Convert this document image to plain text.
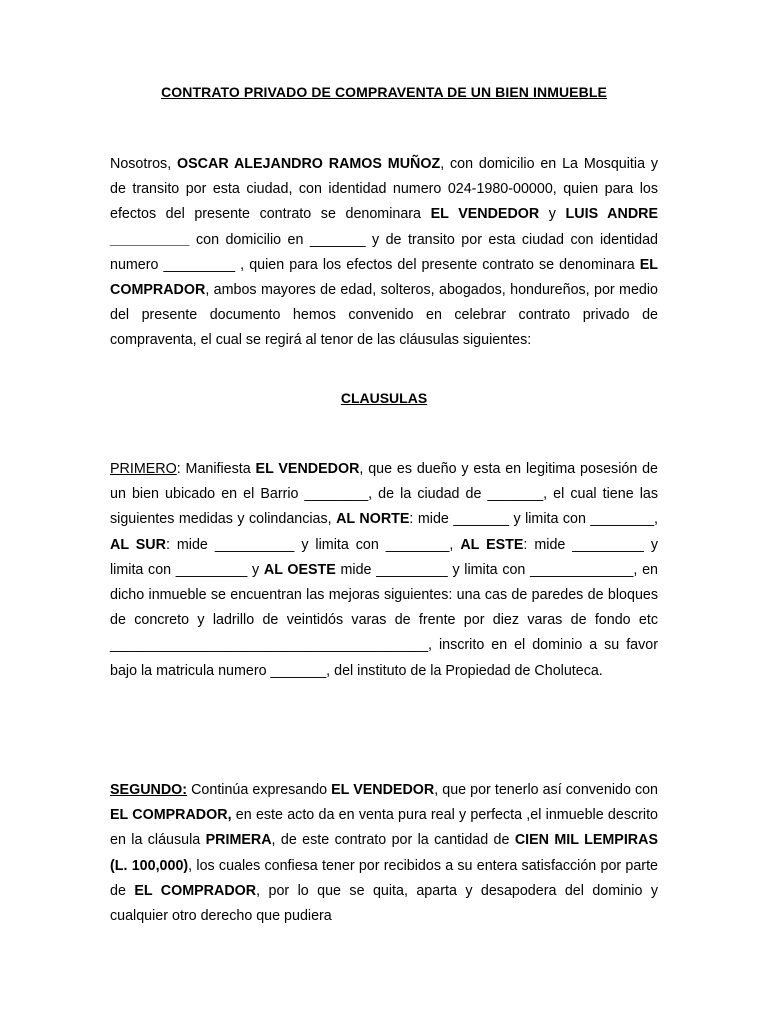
CONTRATO PRIVADO DE COMPRAVENTA DE UN BIEN INMUEBLE
Nosotros, OSCAR ALEJANDRO RAMOS MUÑOZ, con domicilio en La Mosquitia y de transito por esta ciudad, con identidad numero 024-1980-00000, quien para los efectos del presente contrato se denominara EL VENDEDOR y LUIS ANDRE __________ con domicilio en _______ y de transito por esta ciudad con identidad numero _________ , quien para los efectos del presente contrato se denominara EL COMPRADOR, ambos mayores de edad, solteros, abogados, hondureños, por medio del presente documento hemos convenido en celebrar contrato privado de compraventa, el cual se regirá al tenor de las cláusulas siguientes:
CLAUSULAS
PRIMERO: Manifiesta EL VENDEDOR, que es dueño y esta en legitima posesión de un bien ubicado en el Barrio ________, de la ciudad de _______, el cual tiene las siguientes medidas y colindancias, AL NORTE: mide _______ y limita con ________, AL SUR: mide __________ y limita con ________, AL ESTE: mide _________ y limita con _________ y AL OESTE mide _________ y limita con _____________, en dicho inmueble se encuentran las mejoras siguientes: una cas de paredes de bloques de concreto y ladrillo de veintidós varas de frente por diez varas de fondo etc ________________________________________, inscrito en el dominio a su favor bajo la matricula numero _______, del instituto de la Propiedad de Choluteca.
SEGUNDO: Continúa expresando EL VENDEDOR, que por tenerlo así convenido con EL COMPRADOR, en este acto da en venta pura real y perfecta ,el inmueble descrito en la cláusula PRIMERA, de este contrato por la cantidad de CIEN MIL LEMPIRAS (L. 100,000), los cuales confiesa tener por recibidos a su entera satisfacción por parte de EL COMPRADOR, por lo que se quita, aparta y desapodera del dominio y cualquier otro derecho que pudiera
